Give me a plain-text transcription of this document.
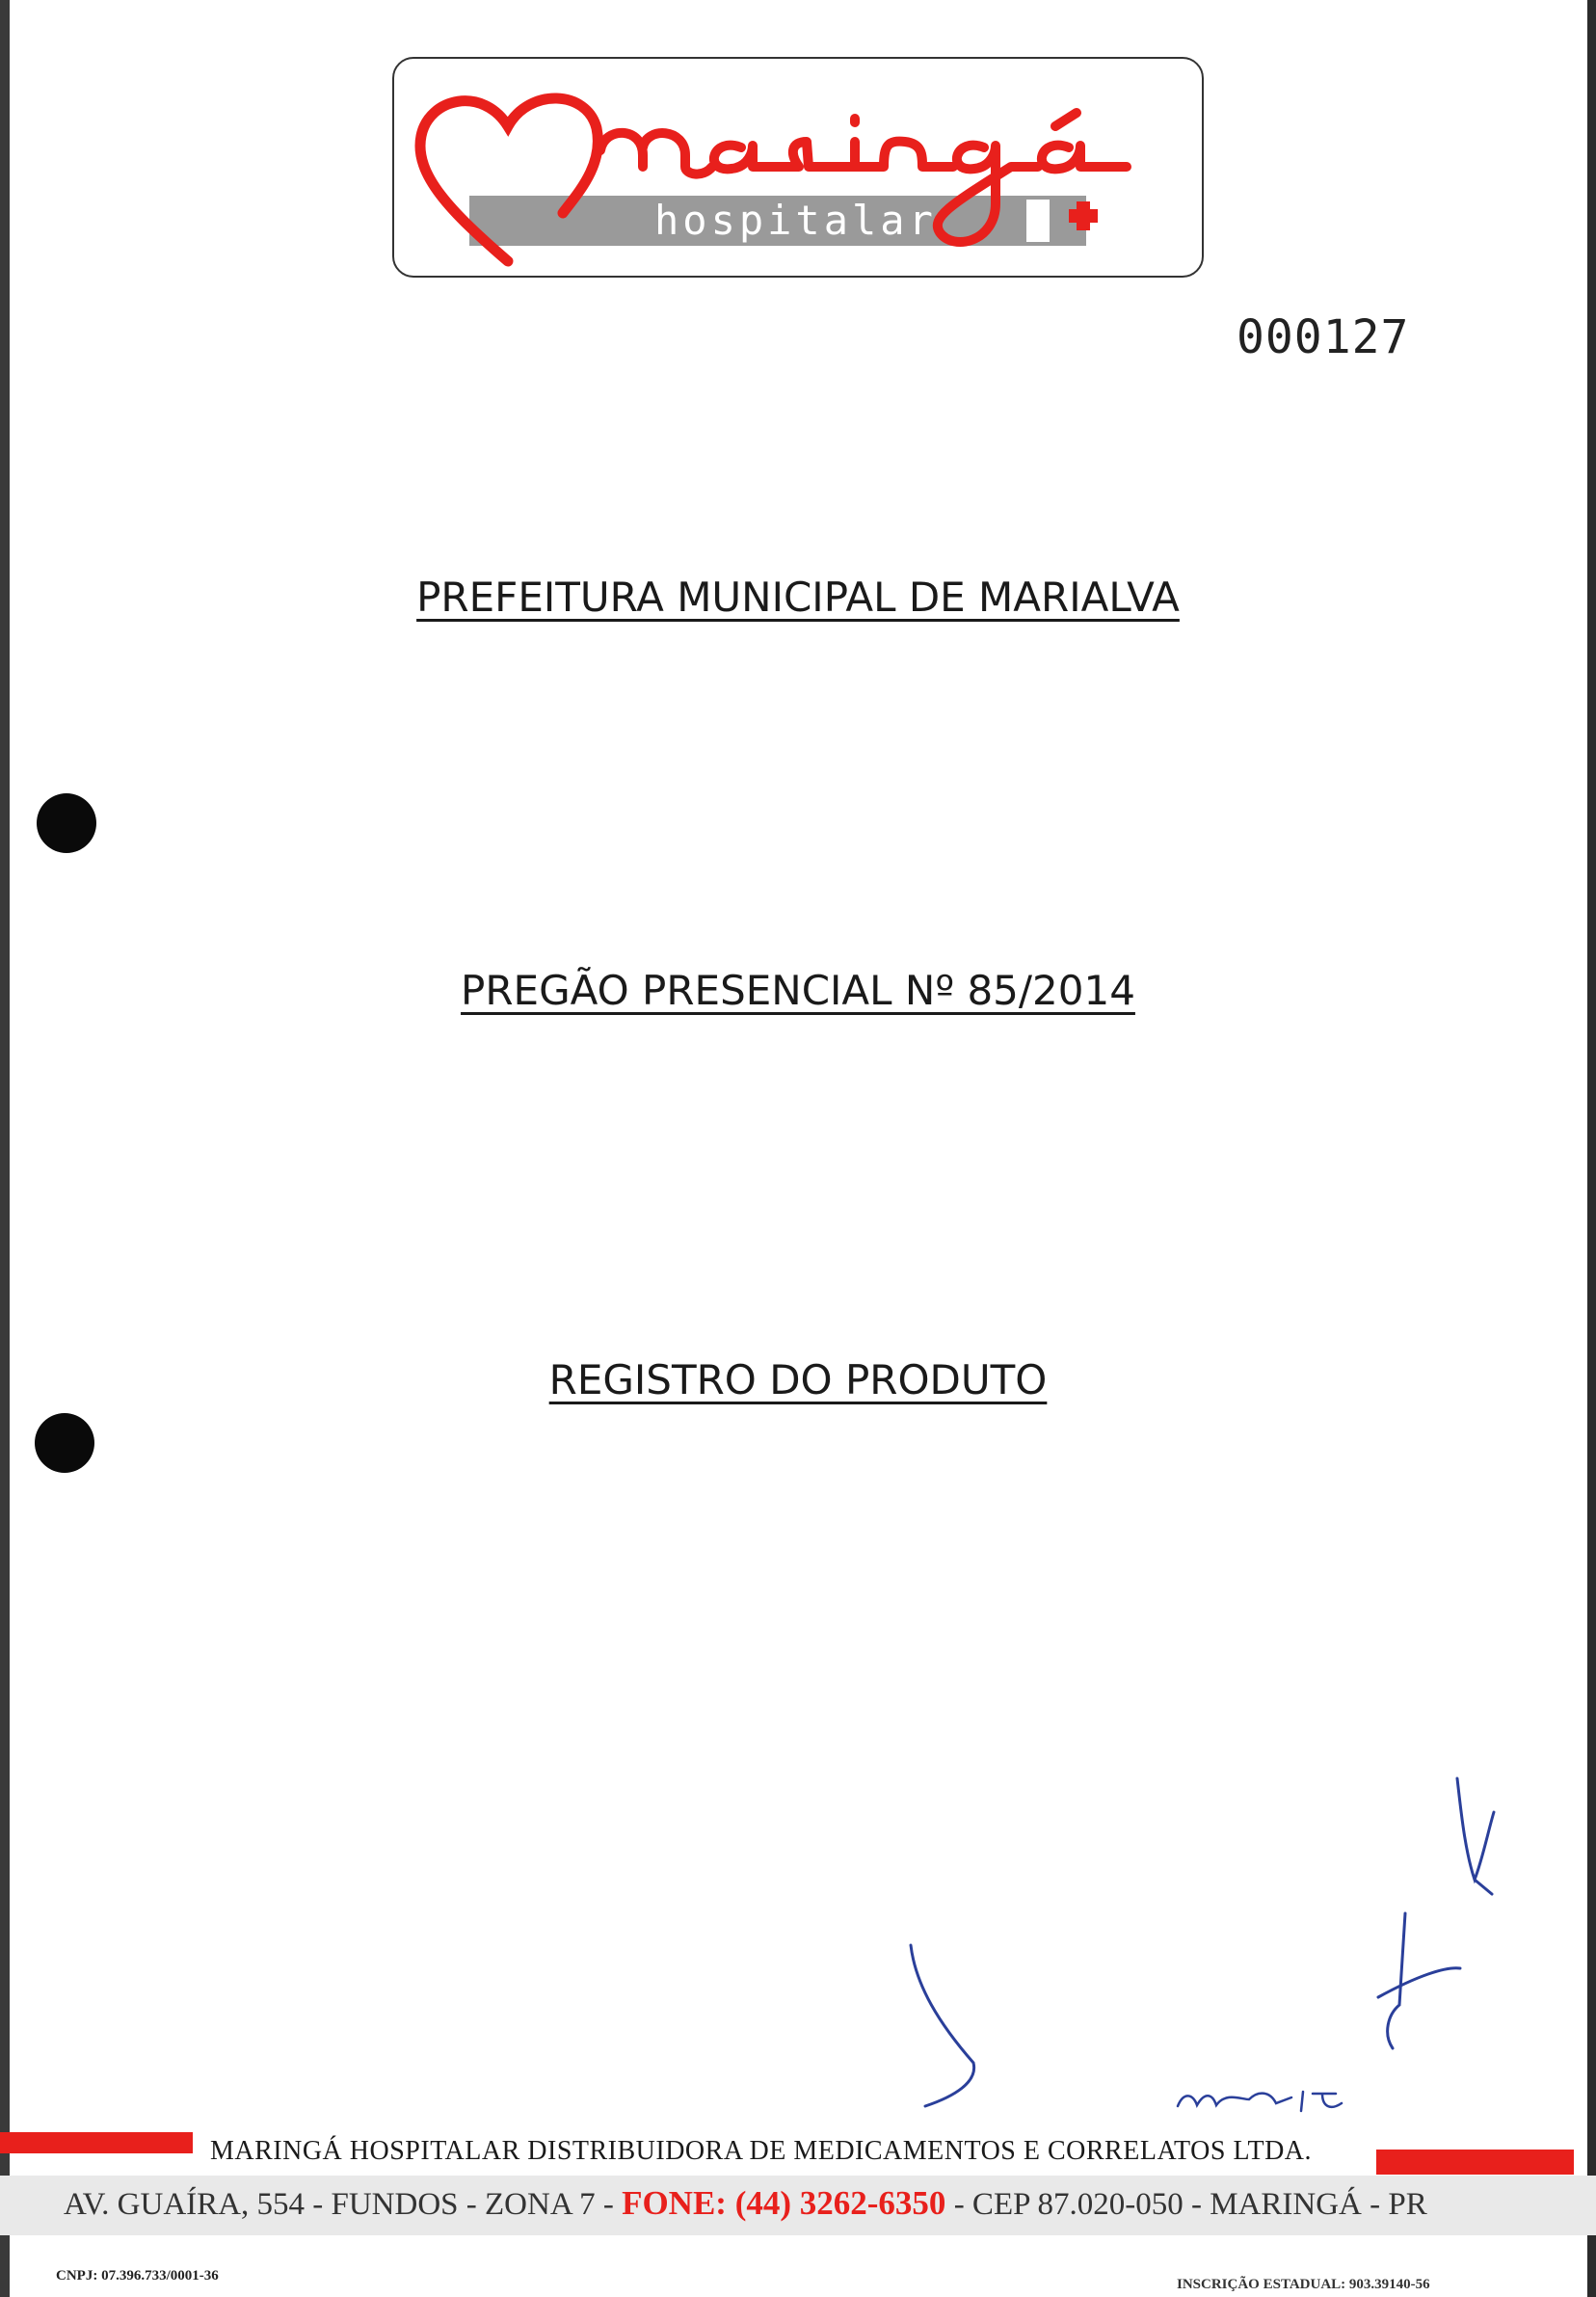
hospitalar
000127
PREFEITURA MUNICIPAL DE MARIALVA
PREGÃO PRESENCIAL Nº 85/2014
REGISTRO DO PRODUTO
MARINGÁ HOSPITALAR DISTRIBUIDORA DE MEDICAMENTOS E CORRELATOS LTDA.
AV. GUAÍRA, 554 - FUNDOS - ZONA 7 - FONE: (44) 3262-6350 - CEP 87.020-050 - MARINGÁ - PR
CNPJ: 07.396.733/0001-36
INSCRIÇÃO ESTADUAL: 903.39140-56
